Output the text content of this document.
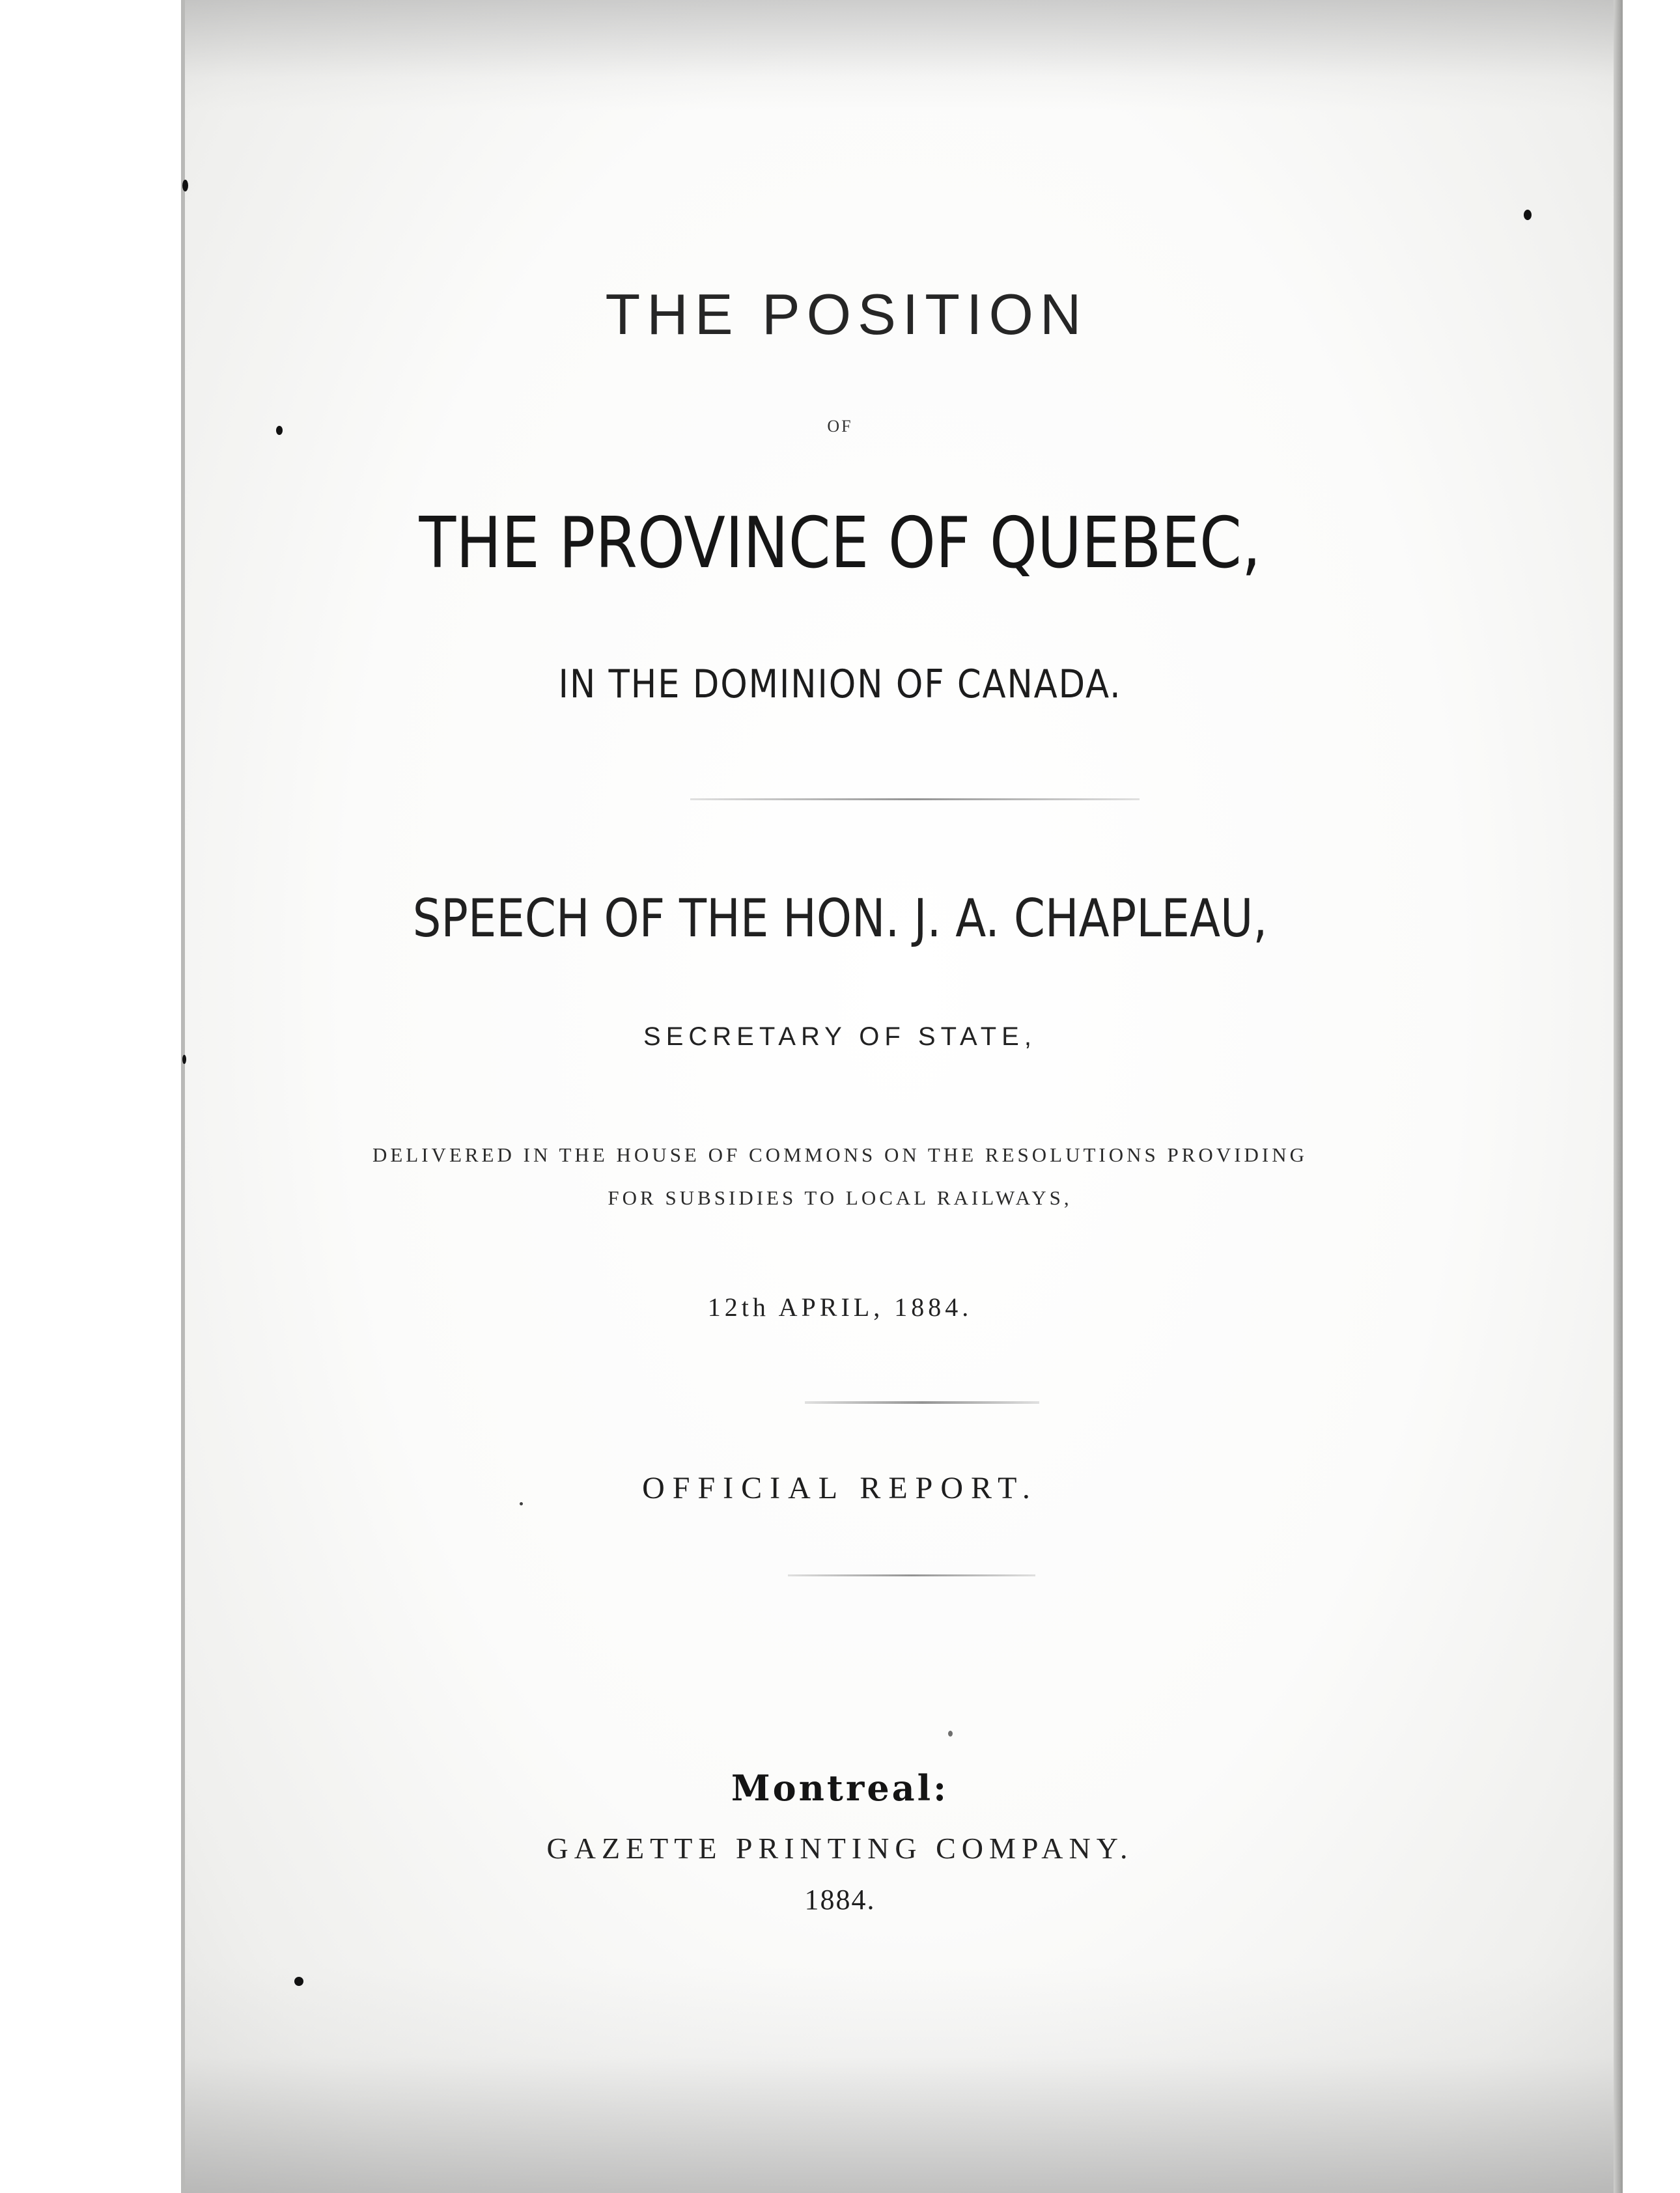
THE POSITION
OF
THE PROVINCE OF QUEBEC,
IN THE DOMINION OF CANADA.
SPEECH OF THE HON. J. A. CHAPLEAU,
SECRETARY OF STATE,
DELIVERED IN THE HOUSE OF COMMONS ON THE RESOLUTIONS PROVIDING
FOR SUBSIDIES TO LOCAL RAILWAYS,
12th APRIL, 1884.
OFFICIAL REPORT.
Montreal:
GAZETTE PRINTING COMPANY.
1884.
